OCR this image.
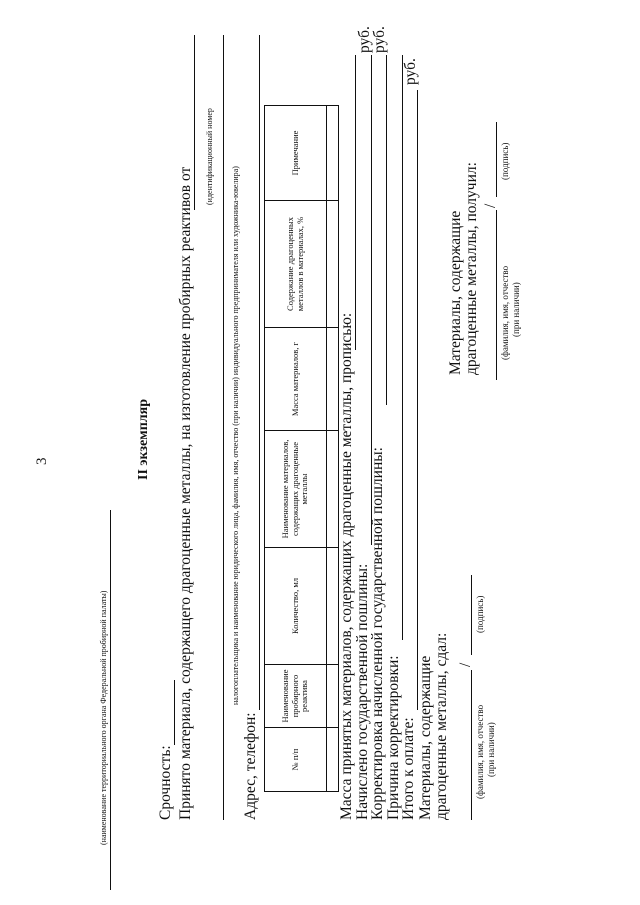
3
(наименование территориального органа Федеральной пробирной палаты)
II экземпляр
Срочность: Принято материала, содержащего драгоценные металлы, на изготовление пробирных реактивов от
(идентификационный номер
налогоплательщика и наименование юридического лица, фамилия, имя, отчество (при наличии) индивидуального предпринимателя или художника-ювелира)
Адрес, телефон:	№ п/п	Наименование пробирного реактива	Количество, мл	Наименование материалов, содержащих драгоценные металлы	Масса материалов, г	Содержание драгоценных металлов в материалах, %	Примечание

Масса принятых материалов, содержащих драгоценные металлы, прописью: Начислено государственной пошлины:
руб.
Корректировка начисленной государственной пошлины:
руб.
Причина корректировки:
Итого к оплате:
руб.
Материалы, содержащие драгоценные металлы, сдал: /
(фамилия, имя, отчество (при наличии)
(подпись)
Материалы, содержащие драгоценные металлы, получил: /
(фамилия, имя, отчество (при наличии)
(подпись)
